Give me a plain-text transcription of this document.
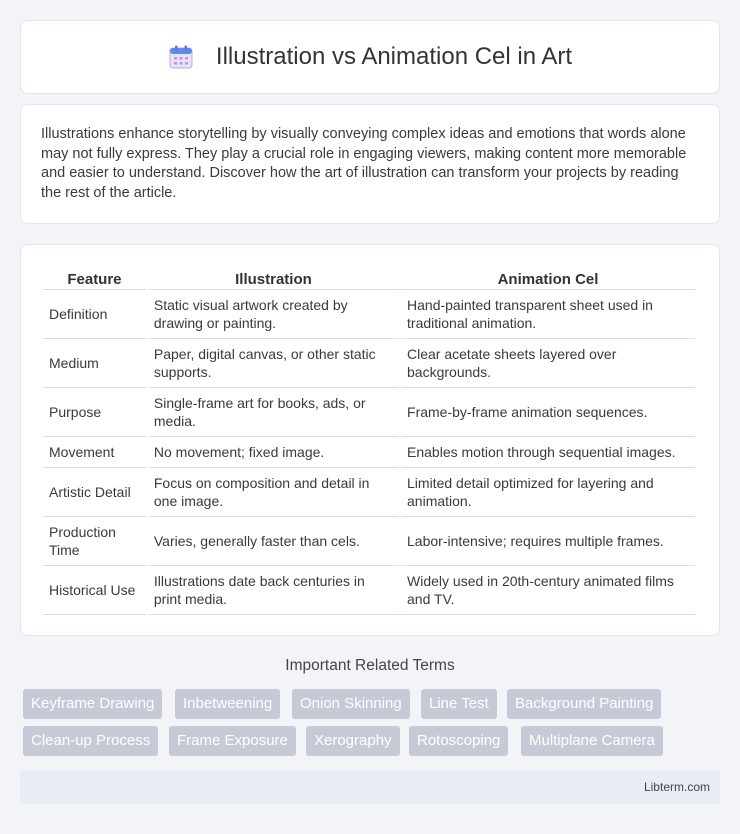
Illustration vs Animation Cel in Art

Illustrations enhance storytelling by visually conveying complex ideas and emotions that words alone may not fully express. They play a crucial role in engaging viewers, making content more memorable and easier to understand. Discover how the art of illustration can transform your projects by reading the rest of the article.

Feature	Illustration	Animation Cel
Definition	Static visual artwork created by drawing or painting.	Hand-painted transparent sheet used in traditional animation.
Medium	Paper, digital canvas, or other static supports.	Clear acetate sheets layered over backgrounds.
Purpose	Single-frame art for books, ads, or media.	Frame-by-frame animation sequences.
Movement	No movement; fixed image.	Enables motion through sequential images.
Artistic Detail	Focus on composition and detail in one image.	Limited detail optimized for layering and animation.
Production Time	Varies, generally faster than cels.	Labor-intensive; requires multiple frames.
Historical Use	Illustrations date back centuries in print media.	Widely used in 20th-century animated films and TV.
Important Related Terms
Keyframe Drawing	Inbetweening	Onion Skinning	Line Test	Background Painting
Clean-up Process	Frame Exposure	Xerography	Rotoscoping	Multiplane Camera
Libterm.com
